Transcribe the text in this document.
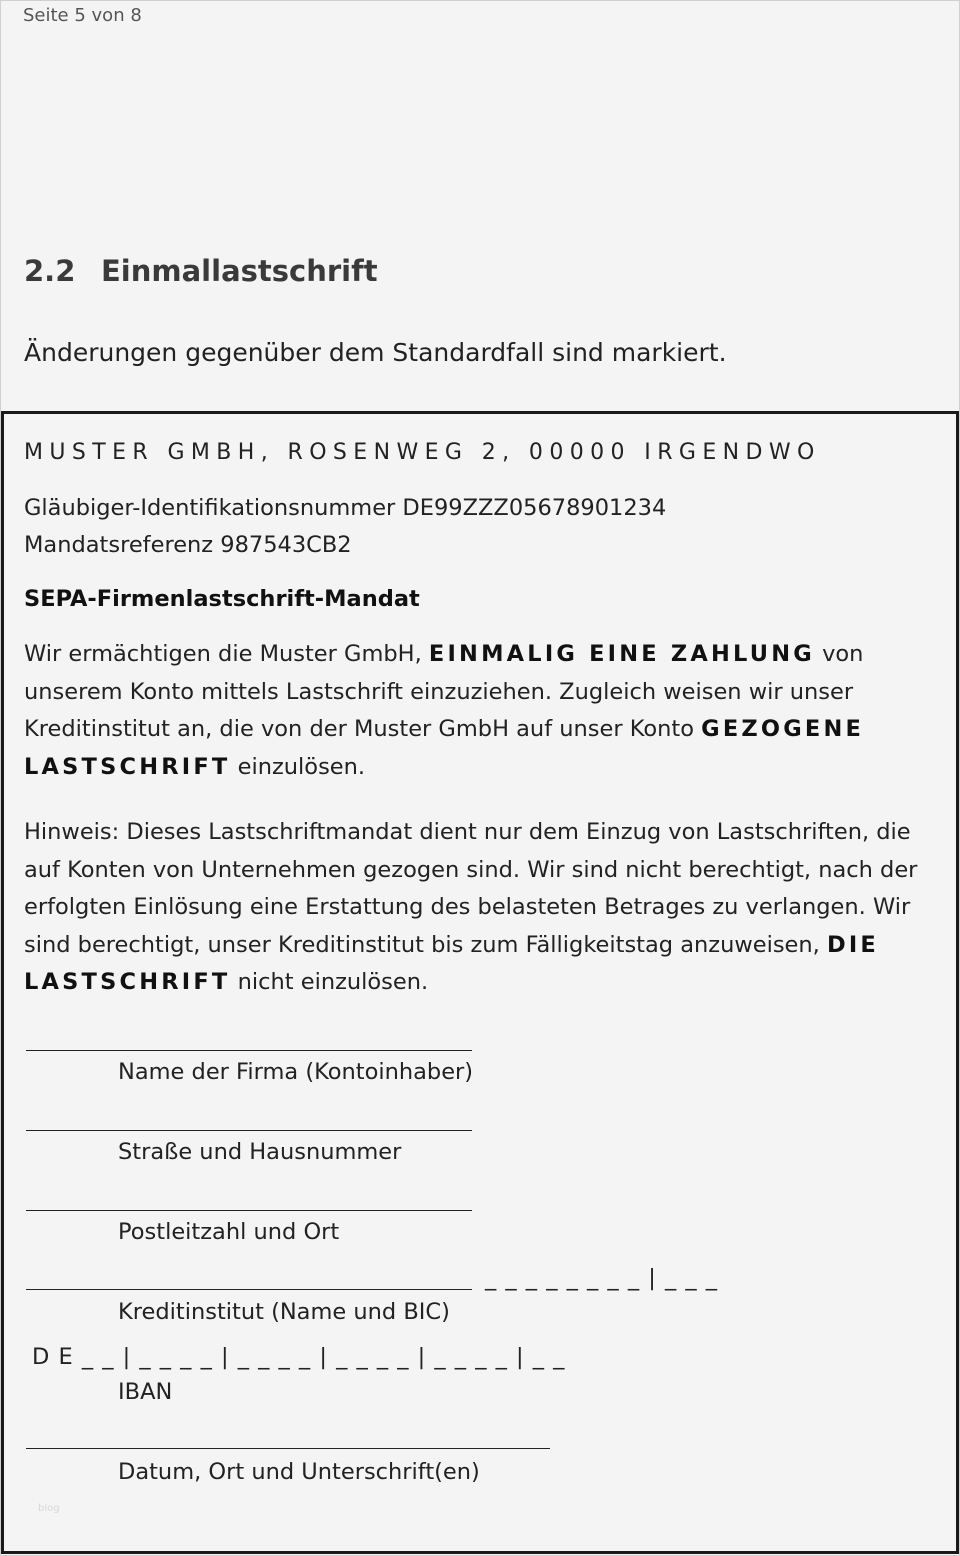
Seite 5 von 8
2.2 Einmallastschrift
Änderungen gegenüber dem Standardfall sind markiert.
MUSTER GMBH, ROSENWEG 2, 00000 IRGENDWO
Gläubiger-Identifikationsnummer DE99ZZZ05678901234
Mandatsreferenz 987543CB2
SEPA-Firmenlastschrift-Mandat
Wir ermächtigen die Muster GmbH, EINMALIG EINE ZAHLUNG von unserem Konto mittels Lastschrift einzuziehen. Zugleich weisen wir unser Kreditinstitut an, die von der Muster GmbH auf unser Konto GEZOGENE LASTSCHRIFT einzulösen.
Hinweis: Dieses Lastschriftmandat dient nur dem Einzug von Lastschriften, die auf Konten von Unternehmen gezogen sind. Wir sind nicht berechtigt, nach der erfolgten Einlösung eine Erstattung des belasteten Betrages zu verlangen. Wir sind berechtigt, unser Kreditinstitut bis zum Fälligkeitstag anzuweisen, DIE LASTSCHRIFT nicht einzulösen.
Name der Firma (Kontoinhaber)
Straße und Hausnummer
Postleitzahl und Ort
_ _ _ _ _ _ _ _ | _ _ _
Kreditinstitut (Name und BIC)
D E _ _ | _ _ _ _ | _ _ _ _ | _ _ _ _ | _ _ _ _ | _ _
IBAN
Datum, Ort und Unterschrift(en)
blog
